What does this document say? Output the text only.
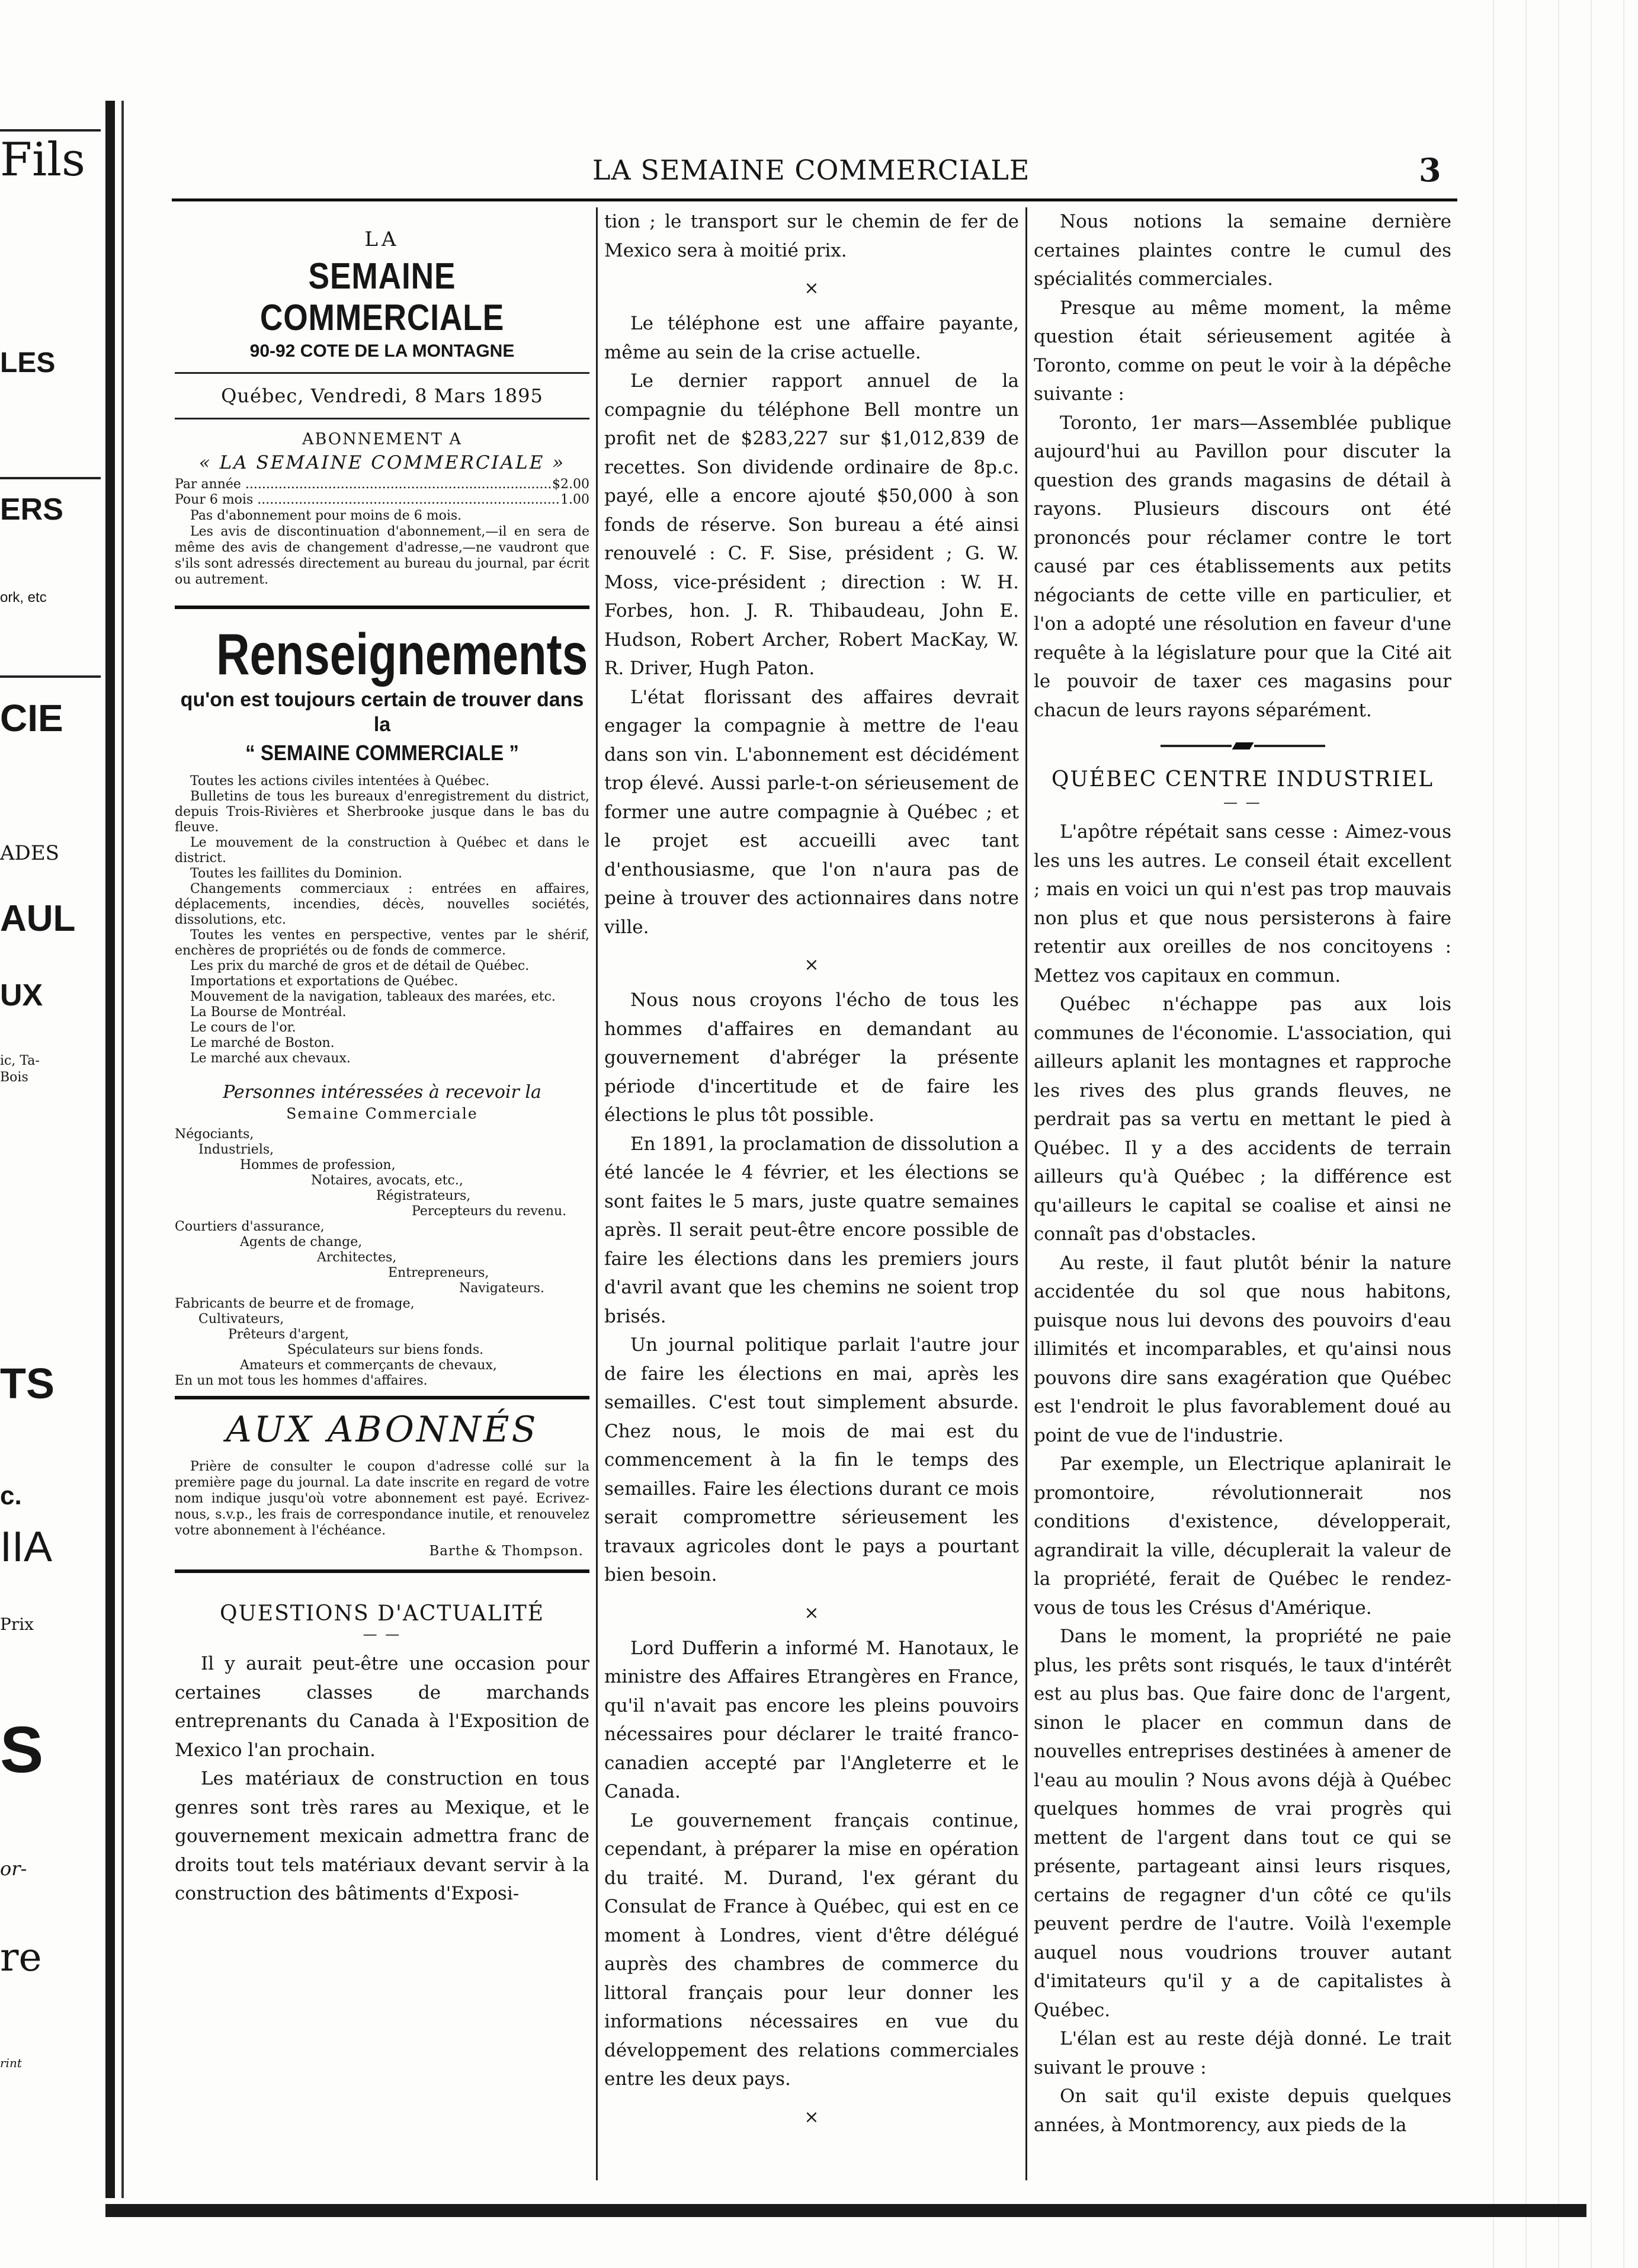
Fils
LES
ERS
ork, etc
CIE
ADES
AUL
UX
ic, Ta-
Bois
TS
c.
IIA
Prix
S
or-
re
rint
LA SEMAINE COMMERCIALE	3
LA
SEMAINE COMMERCIALE
90-92 COTE DE LA MONTAGNE
Québec, Vendredi, 8 Mars 1895
ABONNEMENT A
« LA SEMAINE COMMERCIALE »
Par année .....	$2.00
Pour 6 mois .....	1.00

Pas d'abonnement pour moins de 6 mois.

Les avis de discontinuation d'abonnement,—il en sera de même des avis de changement d'adresse,—ne vaudront que s'ils sont adressés directement au bureau du journal, par écrit ou autrement.

Renseignements
qu'on est toujours certain de trouver dans la
“ SEMAINE COMMERCIALE ”

Toutes les actions civiles intentées à Québec.

Bulletins de tous les bureaux d'enregistrement du district, depuis Trois-Rivières et Sherbrooke jusque dans le bas du fleuve.

Le mouvement de la construction à Québec et dans le district.

Toutes les faillites du Dominion.

Changements commerciaux : entrées en affaires, déplacements, incendies, décès, nouvelles sociétés, dissolutions, etc.

Toutes les ventes en perspective, ventes par le shérif, enchères de propriétés ou de fonds de commerce.

Les prix du marché de gros et de détail de Québec.

Importations et exportations de Québec.

Mouvement de la navigation, tableaux des marées, etc.

La Bourse de Montréal.

Le cours de l'or.

Le marché de Boston.

Le marché aux chevaux.

Personnes intéressées à recevoir la
Semaine Commerciale

Négociants,

Industriels,

Hommes de profession,

Notaires, avocats, etc.,

Régistrateurs,

Percepteurs du revenu.

Courtiers d'assurance,

Agents de change,

Architectes,

Entrepreneurs,

Navigateurs.

Fabricants de beurre et de fromage,

Cultivateurs,

Prêteurs d'argent,

Spéculateurs sur biens fonds.

Amateurs et commerçants de chevaux,

En un mot tous les hommes d'affaires.

AUX ABONNÉS

Prière de consulter le coupon d'adresse collé sur la première page du journal. La date inscrite en regard de votre nom indique jusqu'où votre abonnement est payé. Ecrivez-nous, s.v.p., les frais de correspondance inutile, et renouvelez votre abonnement à l'échéance.

Barthe & Thompson.
QUESTIONS D'ACTUALITÉ
— —

Il y aurait peut-être une occasion pour certaines classes de marchands entreprenants du Canada à l'Exposition de Mexico l'an prochain.

Les matériaux de construction en tous genres sont très rares au Mexique, et le gouvernement mexicain admettra franc de droits tout tels matériaux devant servir à la construction des bâtiments d'Exposi-

tion ; le transport sur le chemin de fer de Mexico sera à moitié prix.

×

Le téléphone est une affaire payante, même au sein de la crise actuelle.

Le dernier rapport annuel de la compagnie du téléphone Bell montre un profit net de $283,227 sur $1,012,839 de recettes. Son dividende ordinaire de 8p.c. payé, elle a encore ajouté $50,000 à son fonds de réserve. Son bureau a été ainsi renouvelé : C. F. Sise, président ; G. W. Moss, vice-président ; direction : W. H. Forbes, hon. J. R. Thibaudeau, John E. Hudson, Robert Archer, Robert MacKay, W. R. Driver, Hugh Paton.

L'état florissant des affaires devrait engager la compagnie à mettre de l'eau dans son vin. L'abonnement est décidément trop élevé. Aussi parle-t-on sérieusement de former une autre compagnie à Québec ; et le projet est accueilli avec tant d'enthousiasme, que l'on n'aura pas de peine à trouver des actionnaires dans notre ville.

×

Nous nous croyons l'écho de tous les hommes d'affaires en demandant au gouvernement d'abréger la présente période d'incertitude et de faire les élections le plus tôt possible.

En 1891, la proclamation de dissolution a été lancée le 4 février, et les élections se sont faites le 5 mars, juste quatre semaines après. Il serait peut-être encore possible de faire les élections dans les premiers jours d'avril avant que les chemins ne soient trop brisés.

Un journal politique parlait l'autre jour de faire les élections en mai, après les semailles. C'est tout simplement absurde. Chez nous, le mois de mai est du commencement à la fin le temps des semailles. Faire les élections durant ce mois serait compromettre sérieusement les travaux agricoles dont le pays a pourtant bien besoin.

×

Lord Dufferin a informé M. Hanotaux, le ministre des Affaires Etrangères en France, qu'il n'avait pas encore les pleins pouvoirs nécessaires pour déclarer le traité franco-canadien accepté par l'Angleterre et le Canada.

Le gouvernement français continue, cependant, à préparer la mise en opération du traité. M. Durand, l'ex gérant du Consulat de France à Québec, qui est en ce moment à Londres, vient d'être délégué auprès des chambres de commerce du littoral français pour leur donner les informations nécessaires en vue du développement des relations commerciales entre les deux pays.

×

Nous notions la semaine dernière certaines plaintes contre le cumul des spécialités commerciales.

Presque au même moment, la même question était sérieusement agitée à Toronto, comme on peut le voir à la dépêche suivante :

Toronto, 1er mars—Assemblée publique aujourd'hui au Pavillon pour discuter la question des grands magasins de détail à rayons. Plusieurs discours ont été prononcés pour réclamer contre le tort causé par ces établissements aux petits négociants de cette ville en particulier, et l'on a adopté une résolution en faveur d'une requête à la législature pour que la Cité ait le pouvoir de taxer ces magasins pour chacun de leurs rayons séparément.

QUÉBEC CENTRE INDUSTRIEL
— —

L'apôtre répétait sans cesse : Aimez-vous les uns les autres. Le conseil était excellent ; mais en voici un qui n'est pas trop mauvais non plus et que nous persisterons à faire retentir aux oreilles de nos concitoyens : Mettez vos capitaux en commun.

Québec n'échappe pas aux lois communes de l'économie. L'association, qui ailleurs aplanit les montagnes et rapproche les rives des plus grands fleuves, ne perdrait pas sa vertu en mettant le pied à Québec. Il y a des accidents de terrain ailleurs qu'à Québec ; la différence est qu'ailleurs le capital se coalise et ainsi ne connaît pas d'obstacles.

Au reste, il faut plutôt bénir la nature accidentée du sol que nous habitons, puisque nous lui devons des pouvoirs d'eau illimités et incomparables, et qu'ainsi nous pouvons dire sans exagération que Québec est l'endroit le plus favorablement doué au point de vue de l'industrie.

Par exemple, un Electrique aplanirait le promontoire, révolutionnerait nos conditions d'existence, développerait, agrandirait la ville, décuplerait la valeur de la propriété, ferait de Québec le rendez-vous de tous les Crésus d'Amérique.

Dans le moment, la propriété ne paie plus, les prêts sont risqués, le taux d'intérêt est au plus bas. Que faire donc de l'argent, sinon le placer en commun dans de nouvelles entreprises destinées à amener de l'eau au moulin ? Nous avons déjà à Québec quelques hommes de vrai progrès qui mettent de l'argent dans tout ce qui se présente, partageant ainsi leurs risques, certains de regagner d'un côté ce qu'ils peuvent perdre de l'autre. Voilà l'exemple auquel nous voudrions trouver autant d'imitateurs qu'il y a de capitalistes à Québec.

L'élan est au reste déjà donné. Le trait suivant le prouve :

On sait qu'il existe depuis quelques années, à Montmorency, aux pieds de la
